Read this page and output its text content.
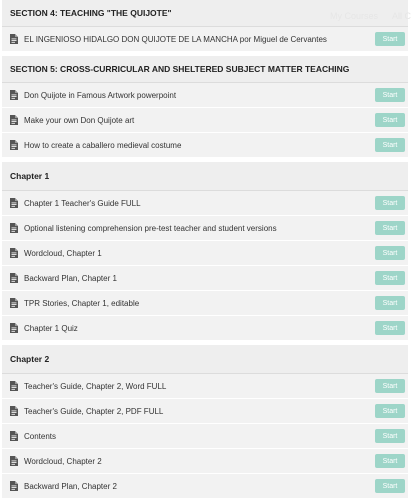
My Courses All C
SECTION 4: TEACHING "THE QUIJOTE"
EL INGENIOSO HIDALGO DON QUIJOTE DE LA MANCHA por Miguel de Cervantes	Start
SECTION 5: CROSS-CURRICULAR AND SHELTERED SUBJECT MATTER TEACHING
Don Quijote in Famous Artwork powerpoint	Start
Make your own Don Quijote art	Start
How to create a caballero medieval costume	Start
Chapter 1
Chapter 1 Teacher's Guide FULL	Start
Optional listening comprehension pre-test teacher and student versions	Start
Wordcloud, Chapter 1	Start
Backward Plan, Chapter 1	Start
TPR Stories, Chapter 1, editable	Start
Chapter 1 Quiz	Start
Chapter 2
Teacher's Guide, Chapter 2, Word FULL	Start
Teacher's Guide, Chapter 2, PDF FULL	Start
Contents	Start
Wordcloud, Chapter 2	Start
Backward Plan, Chapter 2	Start
